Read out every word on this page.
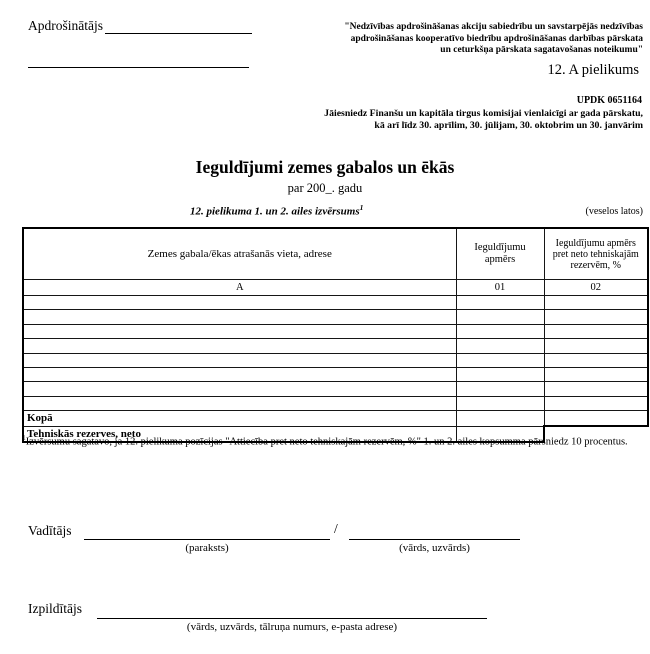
Apdrošinātājs	"Nedzīvības apdrošināšanas akciju sabiedrību un savstarpējās nedzīvības
apdrošināšanas kooperatīvo biedrību apdrošināšanas darbības pārskata
un ceturkšņa pārskata sagatavošanas noteikumu"
12. A pielikums
UPDK 0651164
Jāiesniedz Finanšu un kapitāla tirgus komisijai vienlaicīgi ar gada pārskatu,
kā arī līdz 30. aprīlim, 30. jūlijam, 30. oktobrim un 30. janvārim
Ieguldījumi zemes gabalos un ēkās
par 200_. gadu
12. pielikuma 1. un 2. ailes izvērsums$^1$	(veselos latos)
Zemes gabala/ēkas atrašanās vieta, adrese	Ieguldījumu apmērs	Ieguldījumu apmērs pret neto tehniskajām rezervēm, %
A	01	02

Kopā		
Tehniskās rezerves, neto		
$^1$Izvērsumu sagatavo, ja 12. pielikuma pozīcijas "Attiecība pret neto tehniskajām rezervēm, %" 1. un 2. ailes kopsumma pārsniedz 10 procentus.
Vadītājs	/
(paraksts)	(vārds, uzvārds)
Izpildītājs
(vārds, uzvārds, tālruņa numurs, e-pasta adrese)
